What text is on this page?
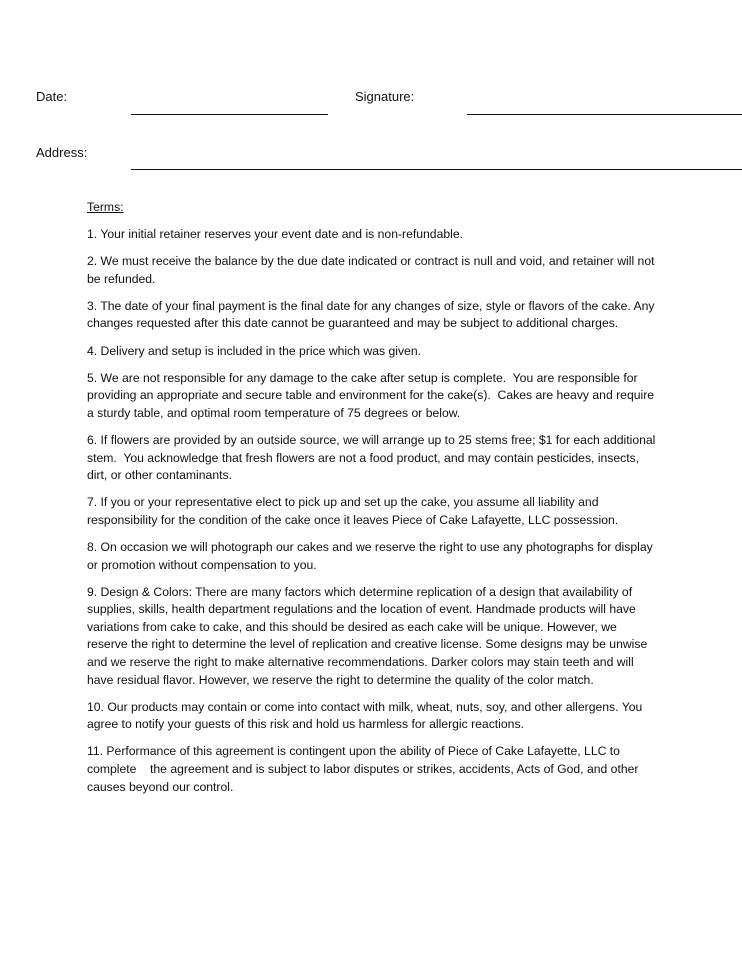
Date:	Signature:
Address:
Terms:

1. Your initial retainer reserves your event date and is non-refundable.

2. We must receive the balance by the due date indicated or contract is null and void, and retainer will not be refunded.

3. The date of your final payment is the final date for any changes of size, style or flavors of the cake. Any changes requested after this date cannot be guaranteed and may be subject to additional charges.

4. Delivery and setup is included in the price which was given.

5. We are not responsible for any damage to the cake after setup is complete.  You are responsible for providing an appropriate and secure table and environment for the cake(s).  Cakes are heavy and require a sturdy table, and optimal room temperature of 75 degrees or below.

6. If flowers are provided by an outside source, we will arrange up to 25 stems free; $1 for each additional stem.  You acknowledge that fresh flowers are not a food product, and may contain pesticides, insects, dirt, or other contaminants.

7. If you or your representative elect to pick up and set up the cake, you assume all liability and responsibility for the condition of the cake once it leaves Piece of Cake Lafayette, LLC possession.

8. On occasion we will photograph our cakes and we reserve the right to use any photographs for display or promotion without compensation to you.

9. Design & Colors: There are many factors which determine replication of a design that availability of supplies, skills, health department regulations and the location of event. Handmade products will have variations from cake to cake, and this should be desired as each cake will be unique. However, we reserve the right to determine the level of replication and creative license. Some designs may be unwise and we reserve the right to make alternative recommendations. Darker colors may stain teeth and will have residual flavor. However, we reserve the right to determine the quality of the color match.

10. Our products may contain or come into contact with milk, wheat, nuts, soy, and other allergens. You agree to notify your guests of this risk and hold us harmless for allergic reactions.

11. Performance of this agreement is contingent upon the ability of Piece of Cake Lafayette, LLC to complete    the agreement and is subject to labor disputes or strikes, accidents, Acts of God, and other causes beyond our control.
